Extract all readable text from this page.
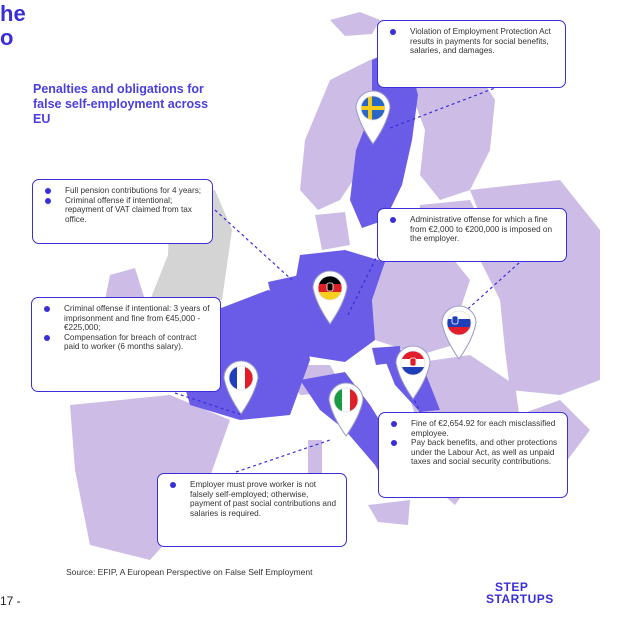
he
o
Penalties and obligations for false self-employment across EU
Violation of Employment Protection Act results in payments for social benefits, salaries, and damages.
Full pension contributions for 4 years;
Criminal offense if intentional; repayment of VAT claimed from tax office.	Administrative offense for which a fine from €2,000 to €200,000 is imposed on the employer.
Criminal offense if intentional: 3 years of imprisonment and fine from €45,000 - €225,000;
Compensation for breach of contract paid to worker (6 months salary).
Fine of €2,654.92 for each misclassified employee.
Pay back benefits, and other protections under the Labour Act, as well as unpaid taxes and social security contributions.
Employer must prove worker is not falsely self-employed; otherwise, payment of past social contributions and salaries is required.
Source: EFIP, A European Perspective on False Self Employment
17 -
STEP
STARTUPS
